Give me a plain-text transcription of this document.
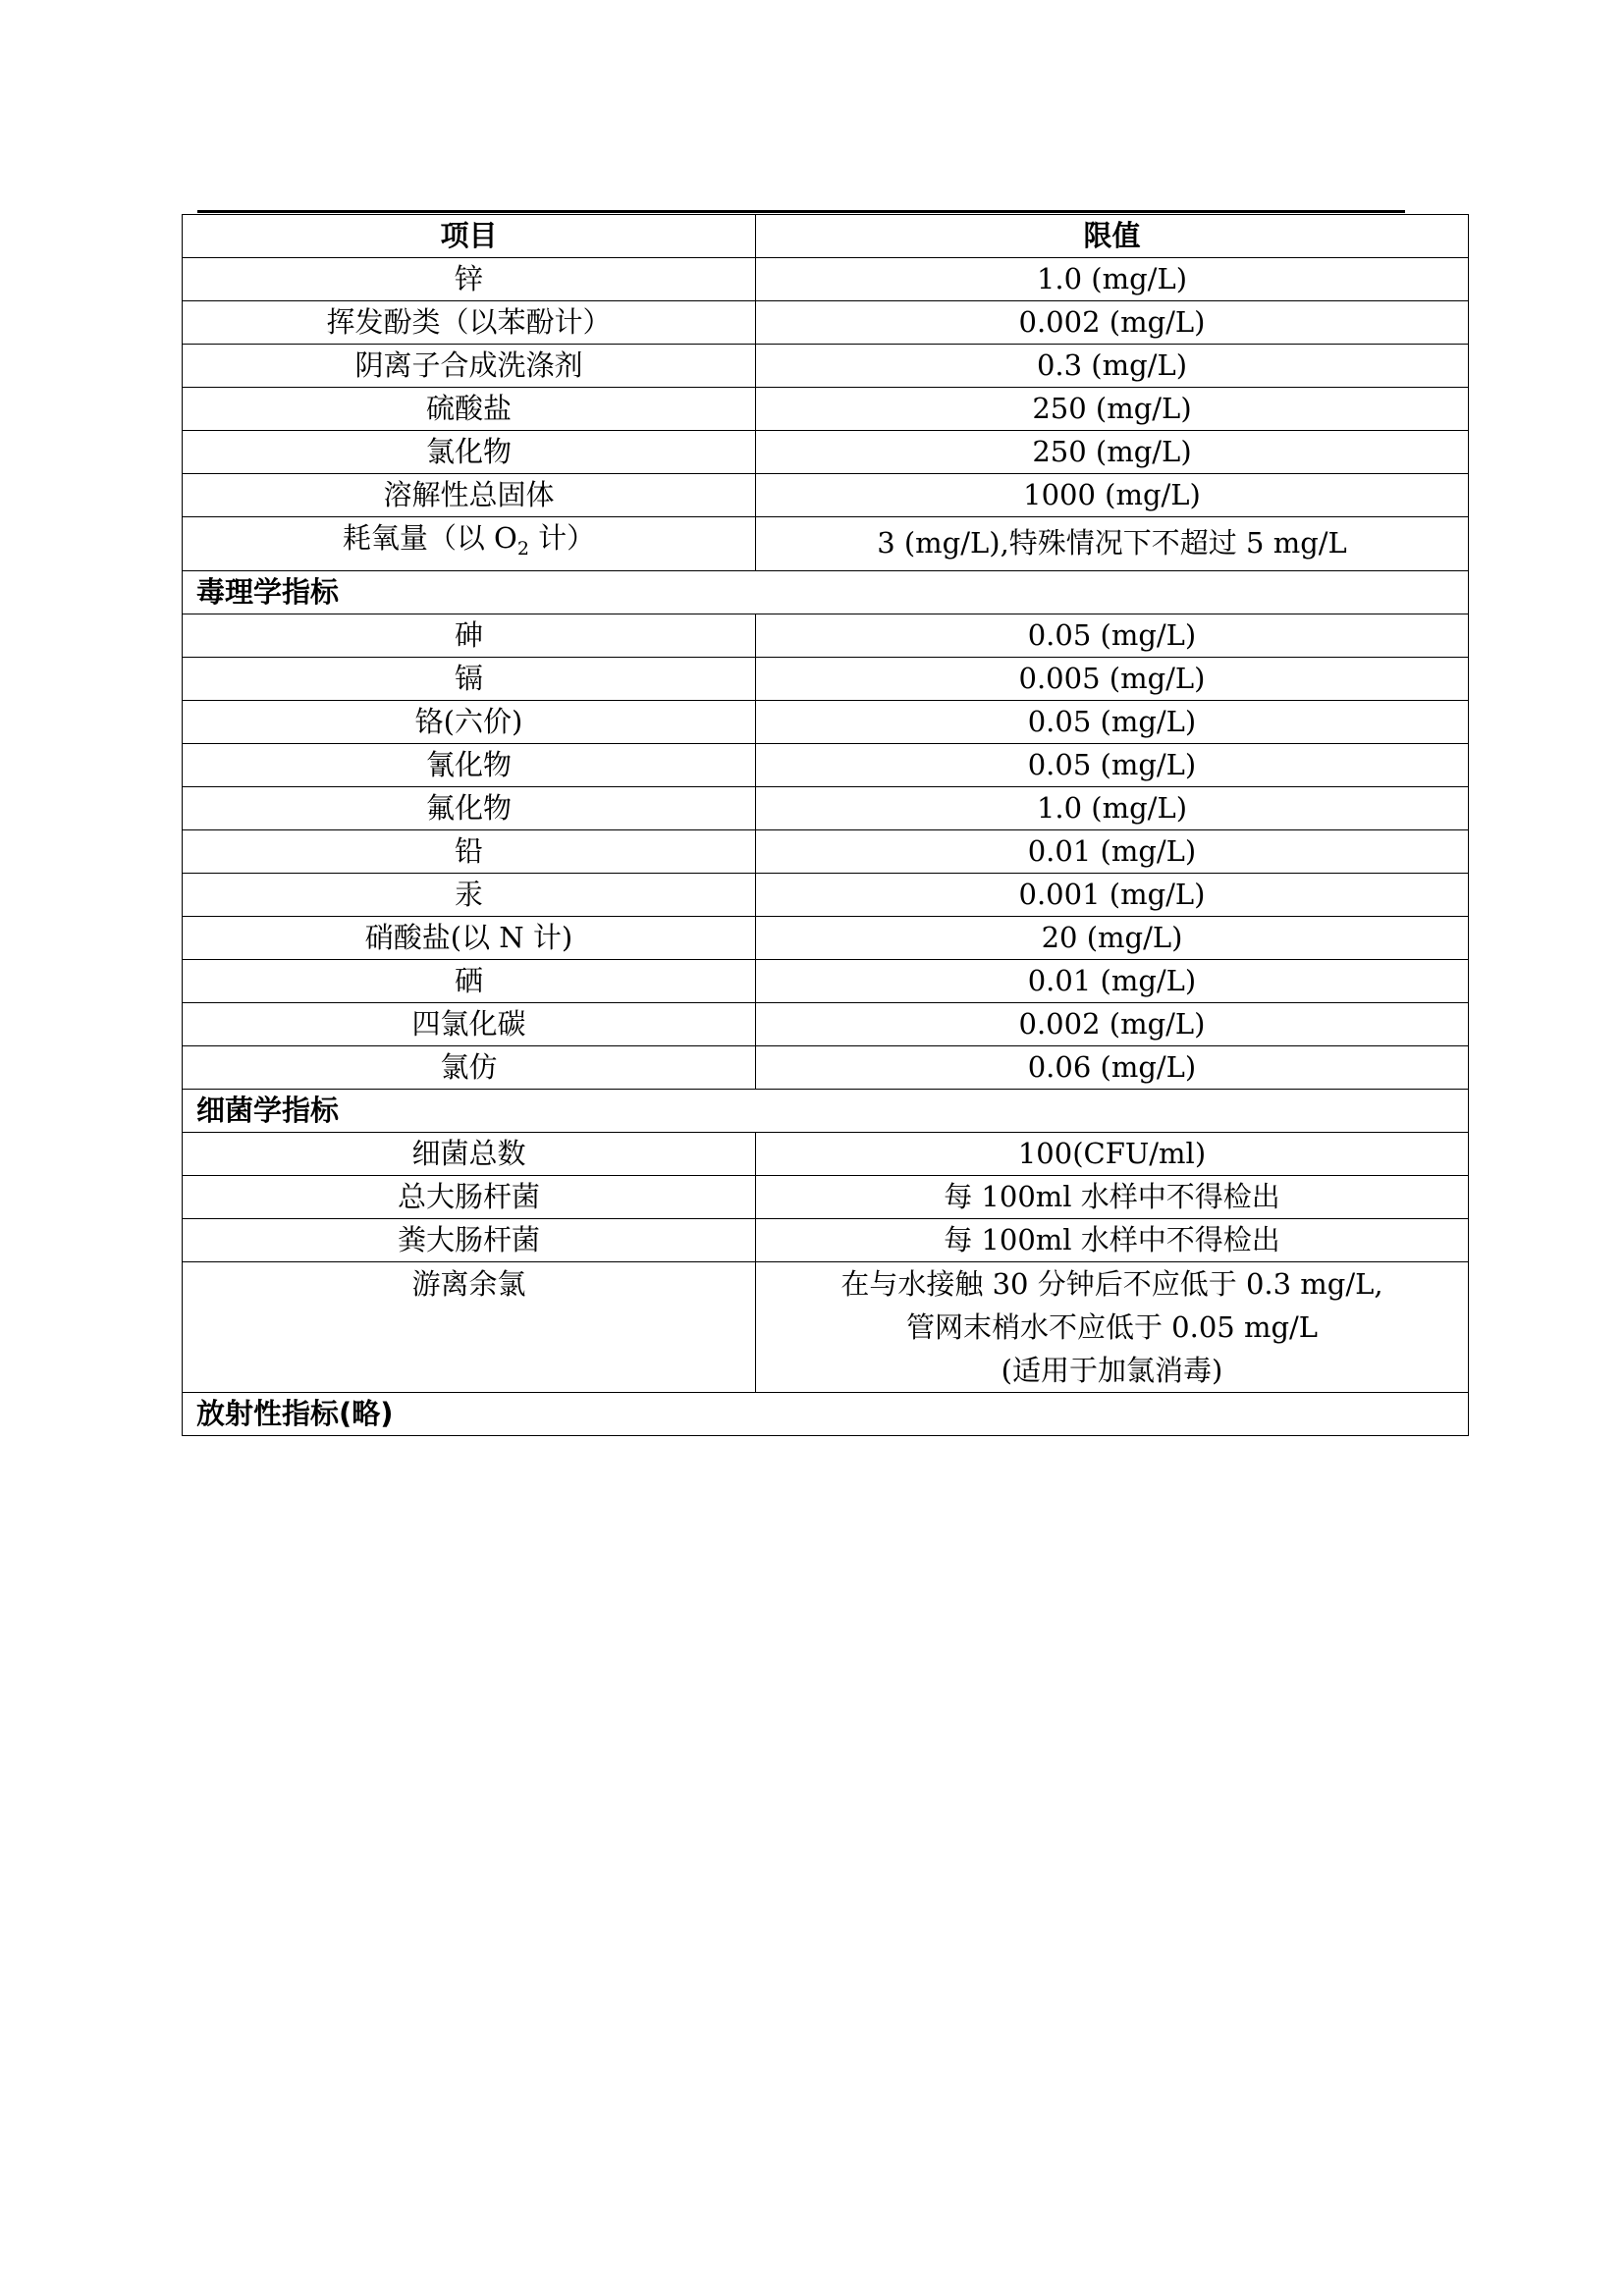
项目	限值
锌	1.0 (mg/L)
挥发酚类（以苯酚计）	0.002 (mg/L)
阴离子合成洗涤剂	0.3 (mg/L)
硫酸盐	250 (mg/L)
氯化物	250 (mg/L)
溶解性总固体	1000 (mg/L)
耗氧量（以 $O_2$ 计）	3 (mg/L),特殊情况下不超过 5 mg/L
毒理学指标	
砷	0.05 (mg/L)
镉	0.005 (mg/L)
铬(六价)	0.05 (mg/L)
氰化物	0.05 (mg/L)
氟化物	1.0 (mg/L)
铅	0.01 (mg/L)
汞	0.001 (mg/L)
硝酸盐(以 N 计)	20 (mg/L)
硒	0.01 (mg/L)
四氯化碳	0.002 (mg/L)
氯仿	0.06 (mg/L)
细菌学指标	
细菌总数	100(CFU/ml)
总大肠杆菌	每 100ml 水样中不得检出
粪大肠杆菌	每 100ml 水样中不得检出
游离余氯	在与水接触 30 分钟后不应低于 0.3 mg/L,
管网末梢水不应低于 0.05 mg/L
(适用于加氯消毒)

放射性指标(略)	
